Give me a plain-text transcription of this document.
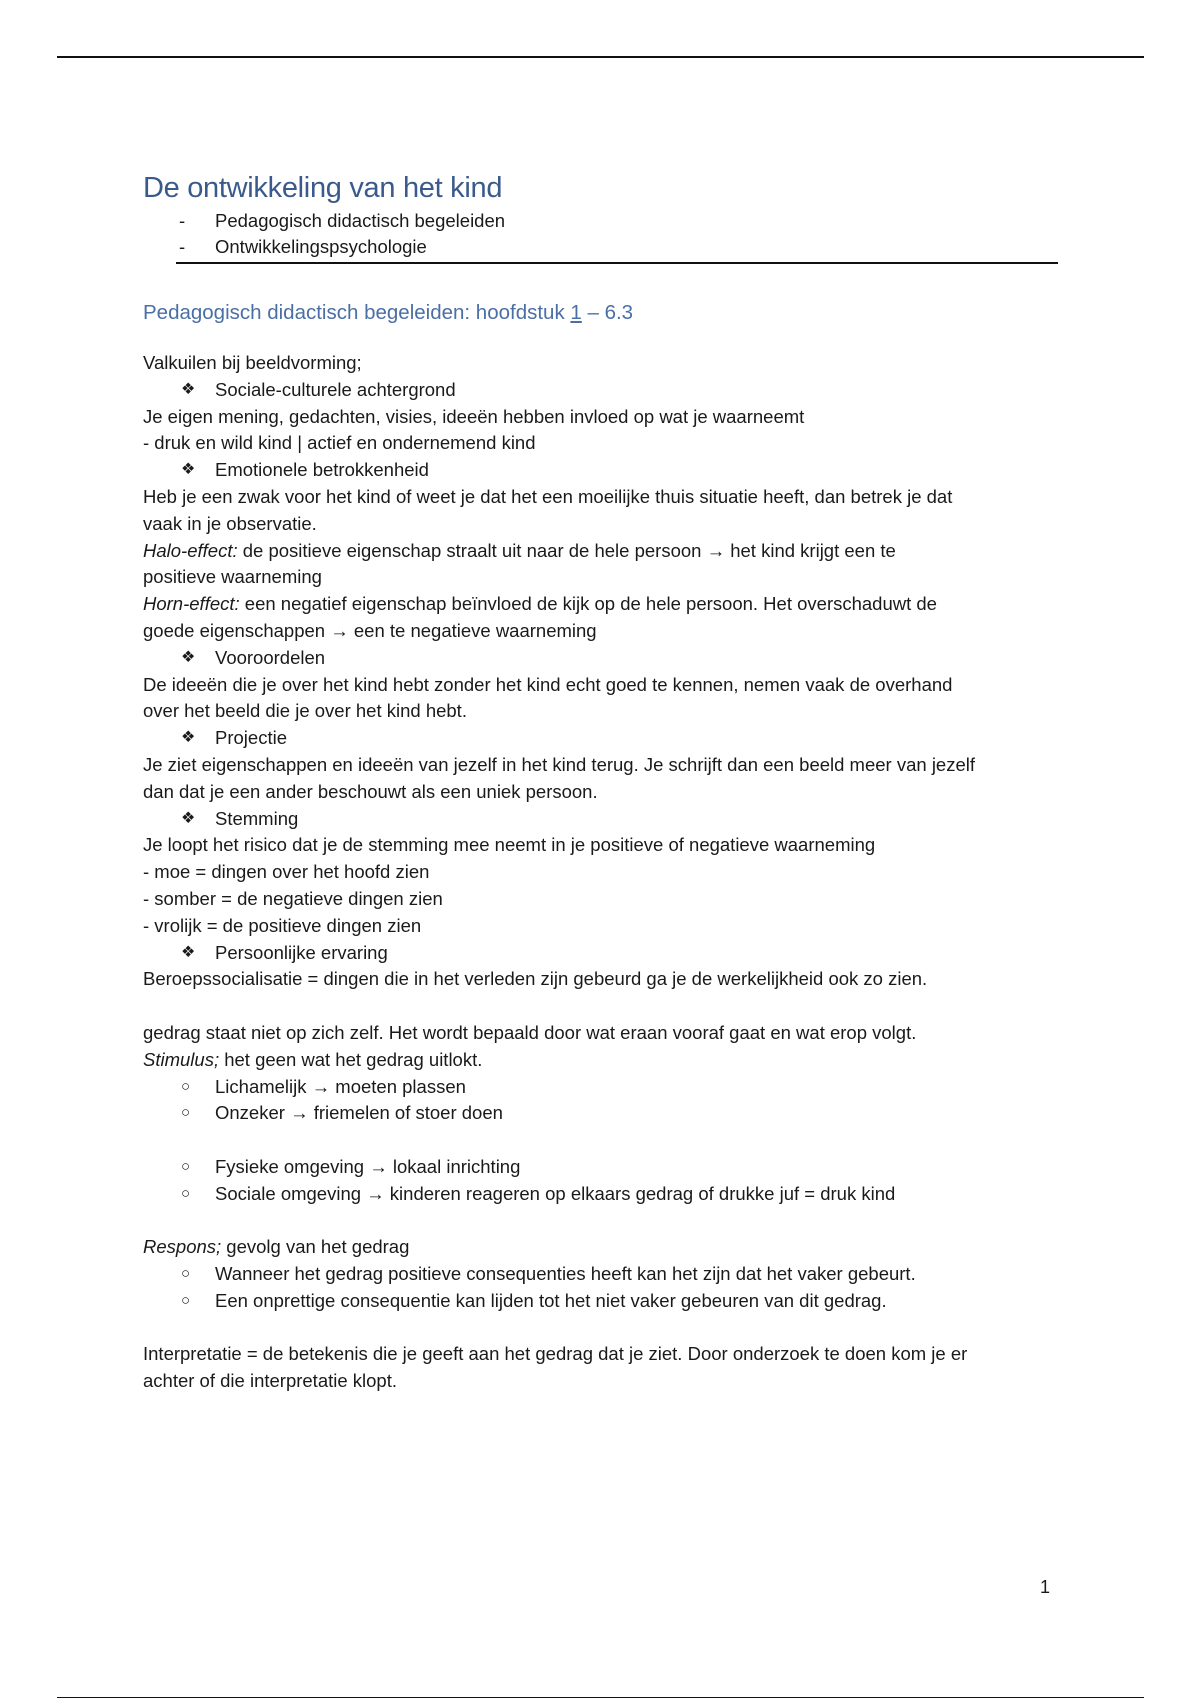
De ontwikkeling van het kind
- Pedagogisch didactisch begeleiden
- Ontwikkelingspsychologie
Pedagogisch didactisch begeleiden: hoofdstuk 1 – 6.3
Valkuilen bij beeldvorming;
❖ Sociale-culturele achtergrond
Je eigen mening, gedachten, visies, ideeën hebben invloed op wat je waarneemt
- druk en wild kind | actief en ondernemend kind
❖ Emotionele betrokkenheid
Heb je een zwak voor het kind of weet je dat het een moeilijke thuis situatie heeft, dan betrek je dat
vaak in je observatie.
Halo-effect: de positieve eigenschap straalt uit naar de hele persoon → het kind krijgt een te
positieve waarneming
Horn-effect: een negatief eigenschap beïnvloed de kijk op de hele persoon. Het overschaduwt de
goede eigenschappen → een te negatieve waarneming
❖ Vooroordelen
De ideeën die je over het kind hebt zonder het kind echt goed te kennen, nemen vaak de overhand
over het beeld die je over het kind hebt.
❖ Projectie
Je ziet eigenschappen en ideeën van jezelf in het kind terug. Je schrijft dan een beeld meer van jezelf
dan dat je een ander beschouwt als een uniek persoon.
❖ Stemming
Je loopt het risico dat je de stemming mee neemt in je positieve of negatieve waarneming
- moe = dingen over het hoofd zien
- somber = de negatieve dingen zien
- vrolijk = de positieve dingen zien
❖ Persoonlijke ervaring
Beroepssocialisatie = dingen die in het verleden zijn gebeurd ga je de werkelijkheid ook zo zien.
gedrag staat niet op zich zelf. Het wordt bepaald door wat eraan vooraf gaat en wat erop volgt.
Stimulus; het geen wat het gedrag uitlokt.
○ Lichamelijk → moeten plassen
○ Onzeker → friemelen of stoer doen
○ Fysieke omgeving → lokaal inrichting
○ Sociale omgeving → kinderen reageren op elkaars gedrag of drukke juf = druk kind
Respons; gevolg van het gedrag
○ Wanneer het gedrag positieve consequenties heeft kan het zijn dat het vaker gebeurt.
○ Een onprettige consequentie kan lijden tot het niet vaker gebeuren van dit gedrag.
Interpretatie = de betekenis die je geeft aan het gedrag dat je ziet. Door onderzoek te doen kom je er
achter of die interpretatie klopt.
1
